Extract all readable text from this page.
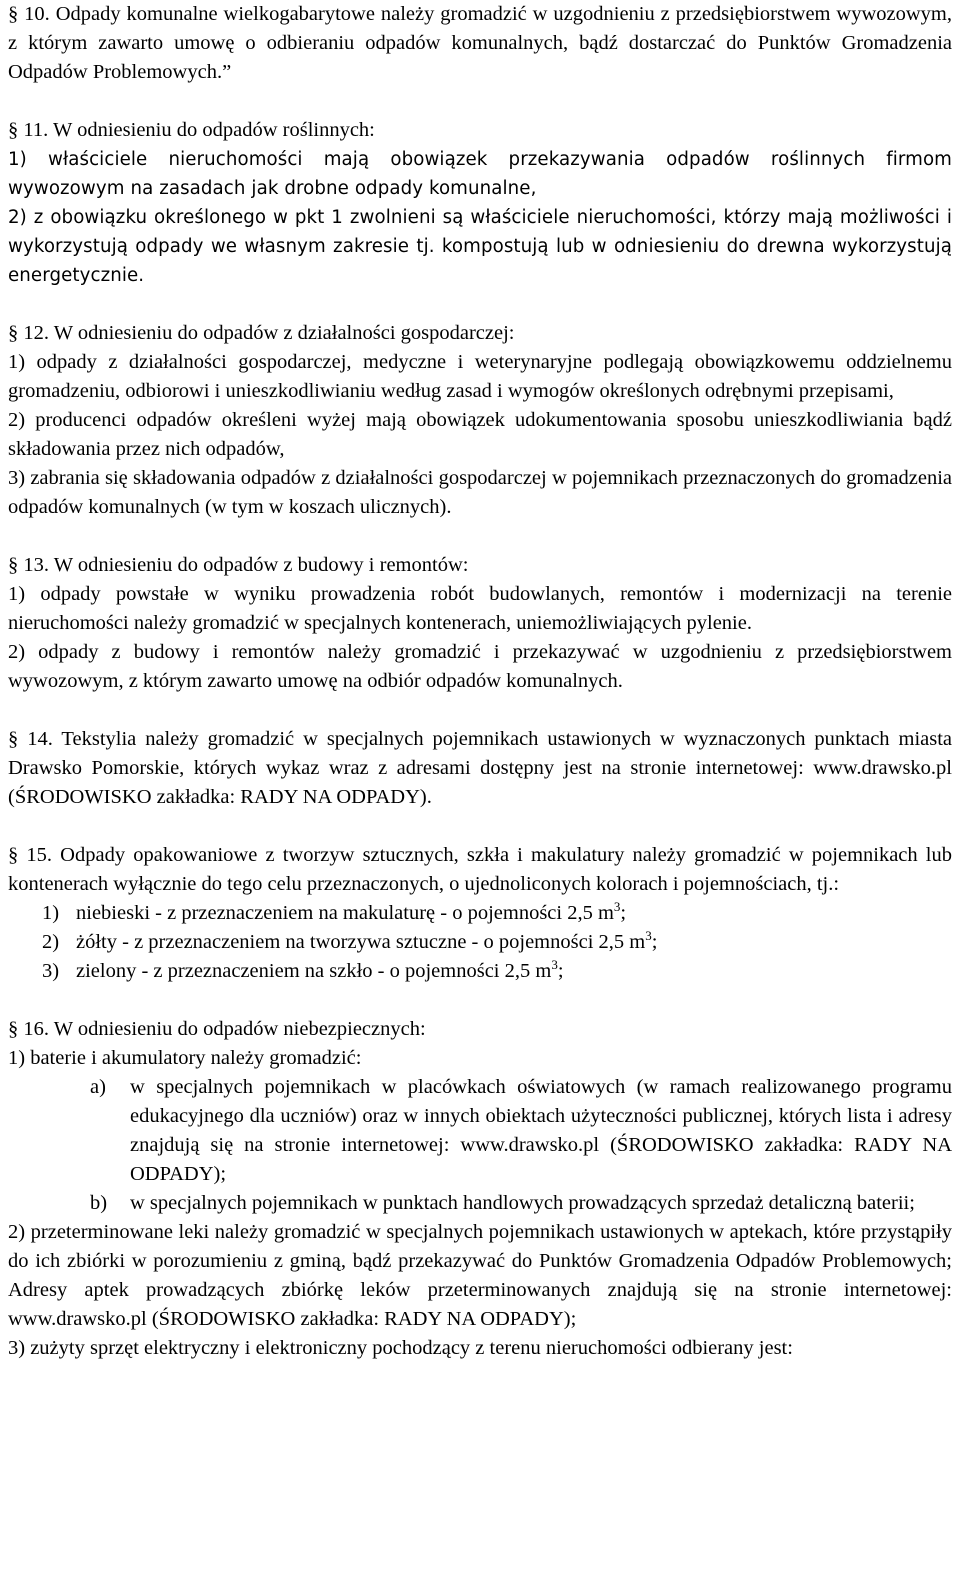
§ 10. Odpady komunalne wielkogabarytowe należy gromadzić w uzgodnieniu z przedsiębiorstwem wywozowym, z którym zawarto umowę o odbieraniu odpadów komunalnych, bądź dostarczać do Punktów Gromadzenia Odpadów Problemowych.”

§ 11. W odniesieniu do odpadów roślinnych:

1) właściciele nieruchomości mają obowiązek przekazywania odpadów roślinnych firmom wywozowym na zasadach jak drobne odpady komunalne,

2) z obowiązku określonego w pkt 1 zwolnieni są właściciele nieruchomości, którzy mają możliwości i wykorzystują odpady we własnym zakresie tj. kompostują lub w odniesieniu do drewna wykorzystują energetycznie.

§ 12. W odniesieniu do odpadów z działalności gospodarczej:

1) odpady z działalności gospodarczej, medyczne i weterynaryjne podlegają obowiązkowemu oddzielnemu gromadzeniu, odbiorowi i unieszkodliwianiu według zasad i wymogów określonych odrębnymi przepisami,

2) producenci odpadów określeni wyżej mają obowiązek udokumentowania sposobu unieszkodliwiania bądź składowania przez nich odpadów,

3) zabrania się składowania odpadów z działalności gospodarczej w pojemnikach przeznaczonych do gromadzenia odpadów komunalnych (w tym w koszach ulicznych).

§ 13. W odniesieniu do odpadów z budowy i remontów:

1) odpady powstałe w wyniku prowadzenia robót budowlanych, remontów i modernizacji na terenie nieruchomości należy gromadzić w specjalnych kontenerach, uniemożliwiających pylenie.

2) odpady z budowy i remontów należy gromadzić i przekazywać w uzgodnieniu z przedsiębiorstwem wywozowym, z którym zawarto umowę na odbiór odpadów komunalnych.

§ 14. Tekstylia należy gromadzić w specjalnych pojemnikach ustawionych w wyznaczonych punktach miasta Drawsko Pomorskie, których wykaz wraz z adresami dostępny jest na stronie internetowej: www.drawsko.pl (ŚRODOWISKO zakładka: RADY NA ODPADY).

§ 15. Odpady opakowaniowe z tworzyw sztucznych, szkła i makulatury należy gromadzić w pojemnikach lub kontenerach wyłącznie do tego celu przeznaczonych, o ujednoliconych kolorach i pojemnościach, tj.:

1) niebieski - z przeznaczeniem na makulaturę - o pojemności 2,5 $m^3$;
2) żółty - z przeznaczeniem na tworzywa sztuczne - o pojemności 2,5 $m^3$;
3) zielony - z przeznaczeniem na szkło - o pojemności 2,5 $m^3$;

§ 16. W odniesieniu do odpadów niebezpiecznych:

1) baterie i akumulatory należy gromadzić:

a)	w specjalnych pojemnikach w placówkach oświatowych (w ramach realizowanego programu edukacyjnego dla uczniów) oraz w innych obiektach użyteczności publicznej, których lista i adresy znajdują się na stronie internetowej: www.drawsko.pl (ŚRODOWISKO zakładka: RADY NA ODPADY);
b)	w specjalnych pojemnikach w punktach handlowych prowadzących sprzedaż detaliczną baterii;

2) przeterminowane leki należy gromadzić w specjalnych pojemnikach ustawionych w aptekach, które przystąpiły do ich zbiórki w porozumieniu z gminą, bądź przekazywać do Punktów Gromadzenia Odpadów Problemowych; Adresy aptek prowadzących zbiórkę leków przeterminowanych znajdują się na stronie internetowej: www.drawsko.pl (ŚRODOWISKO zakładka: RADY NA ODPADY);

3) zużyty sprzęt elektryczny i elektroniczny pochodzący z terenu nieruchomości odbierany jest:
